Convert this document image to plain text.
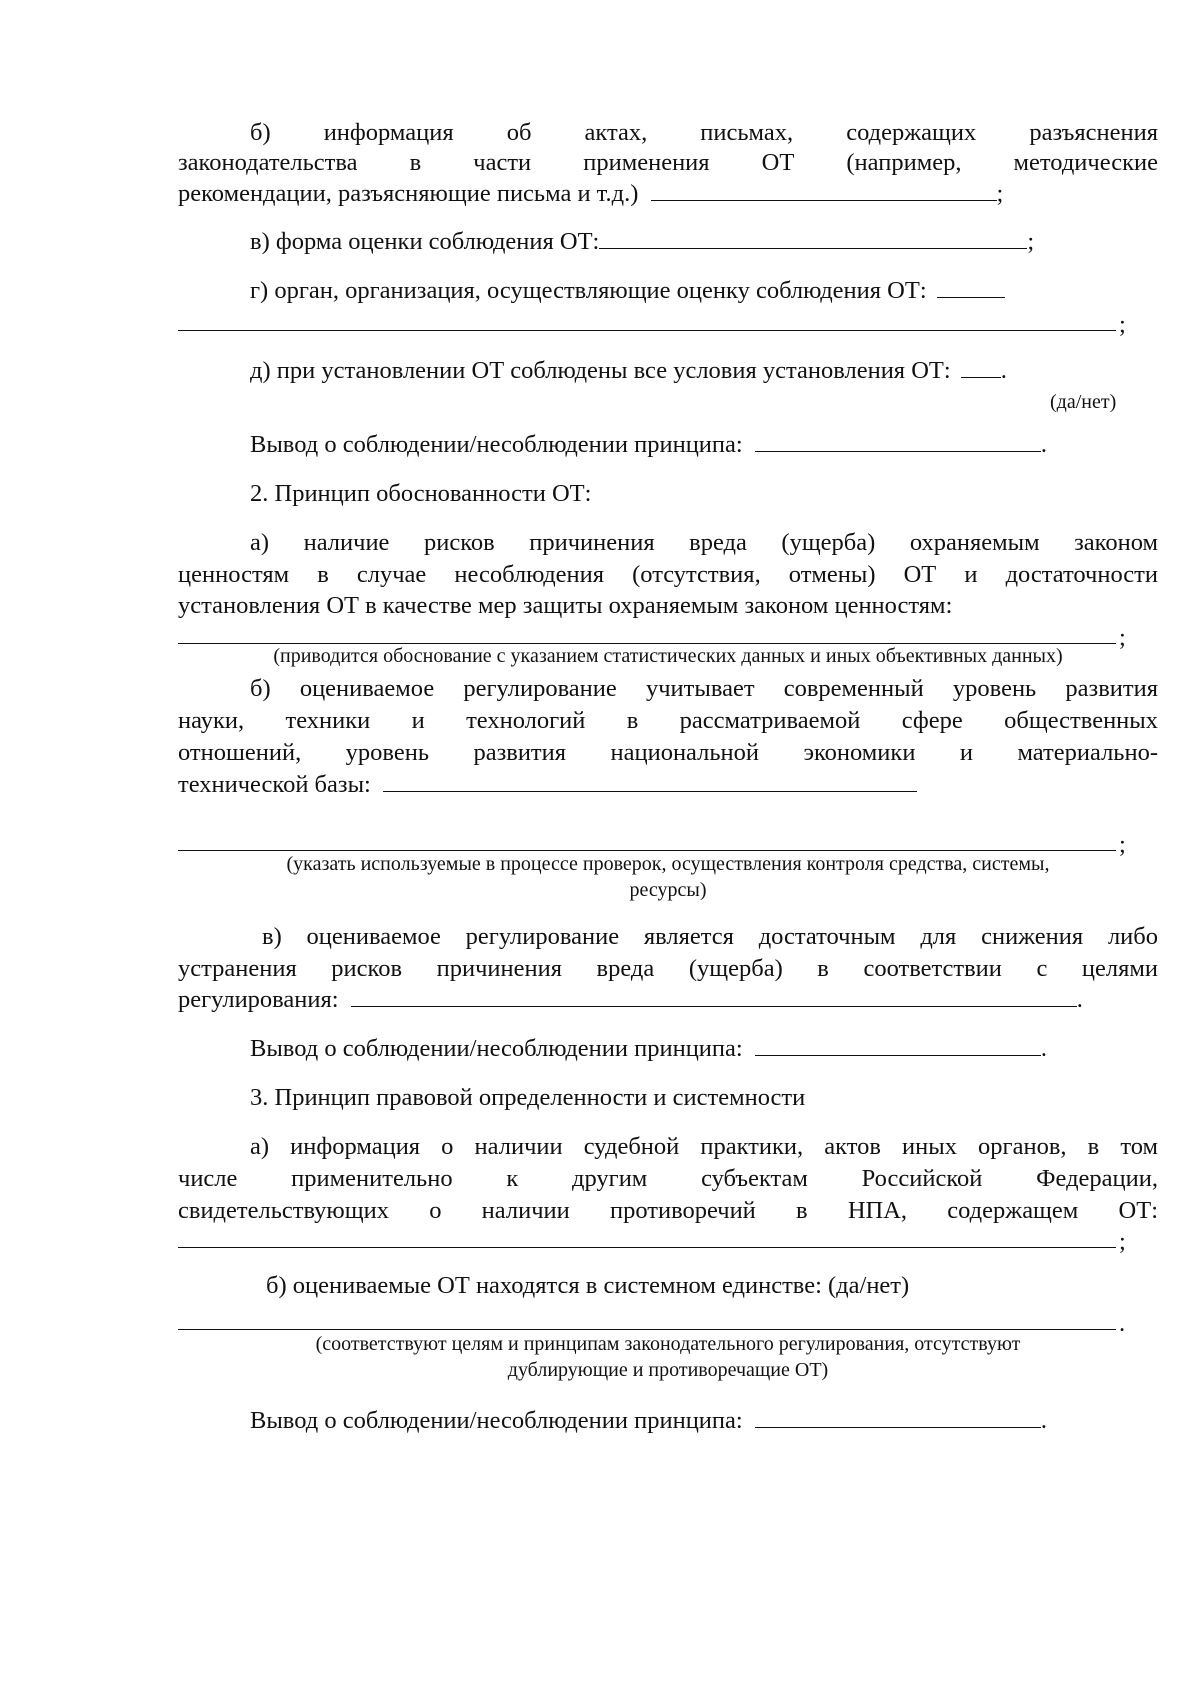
б) информация об актах, письмах, содержащих разъяснения
законодательства в части применения ОТ (например, методические
рекомендации, разъясняющие письма и т.д.)	;
в) форма оценки соблюдения ОТ:	;
г) орган, организация, осуществляющие оценку соблюдения ОТ:
;
д) при установлении ОТ соблюдены все условия установления ОТ: .
(да/нет)
Вывод о соблюдении/несоблюдении принципа:	.
2. Принцип обоснованности ОТ:
а) наличие рисков причинения вреда (ущерба) охраняемым законом
ценностям в случае несоблюдения (отсутствия, отмены) ОТ и достаточности
установления ОТ в качестве мер защиты охраняемым законом ценностям:
;
(приводится обоснование с указанием статистических данных и иных объективных данных)
б) оцениваемое регулирование учитывает современный уровень развития
науки, техники и технологий в рассматриваемой сфере общественных
отношений, уровень развития национальной экономики и материально-
технической базы:
;
(указать используемые в процессе проверок, осуществления контроля средства, системы,
ресурсы)
в) оцениваемое регулирование является достаточным для снижения либо
устранения рисков причинения вреда (ущерба) в соответствии с целями
регулирования:	.
Вывод о соблюдении/несоблюдении принципа:	.
3. Принцип правовой определенности и системности
а) информация о наличии судебной практики, актов иных органов, в том
числе применительно к другим субъектам Российской Федерации,
свидетельствующих о наличии противоречий в НПА, содержащем ОТ:
;
б) оцениваемые ОТ находятся в системном единстве: (да/нет)
.
(соответствуют целям и принципам законодательного регулирования, отсутствуют
дублирующие и противоречащие ОТ)
Вывод о соблюдении/несоблюдении принципа:	.
